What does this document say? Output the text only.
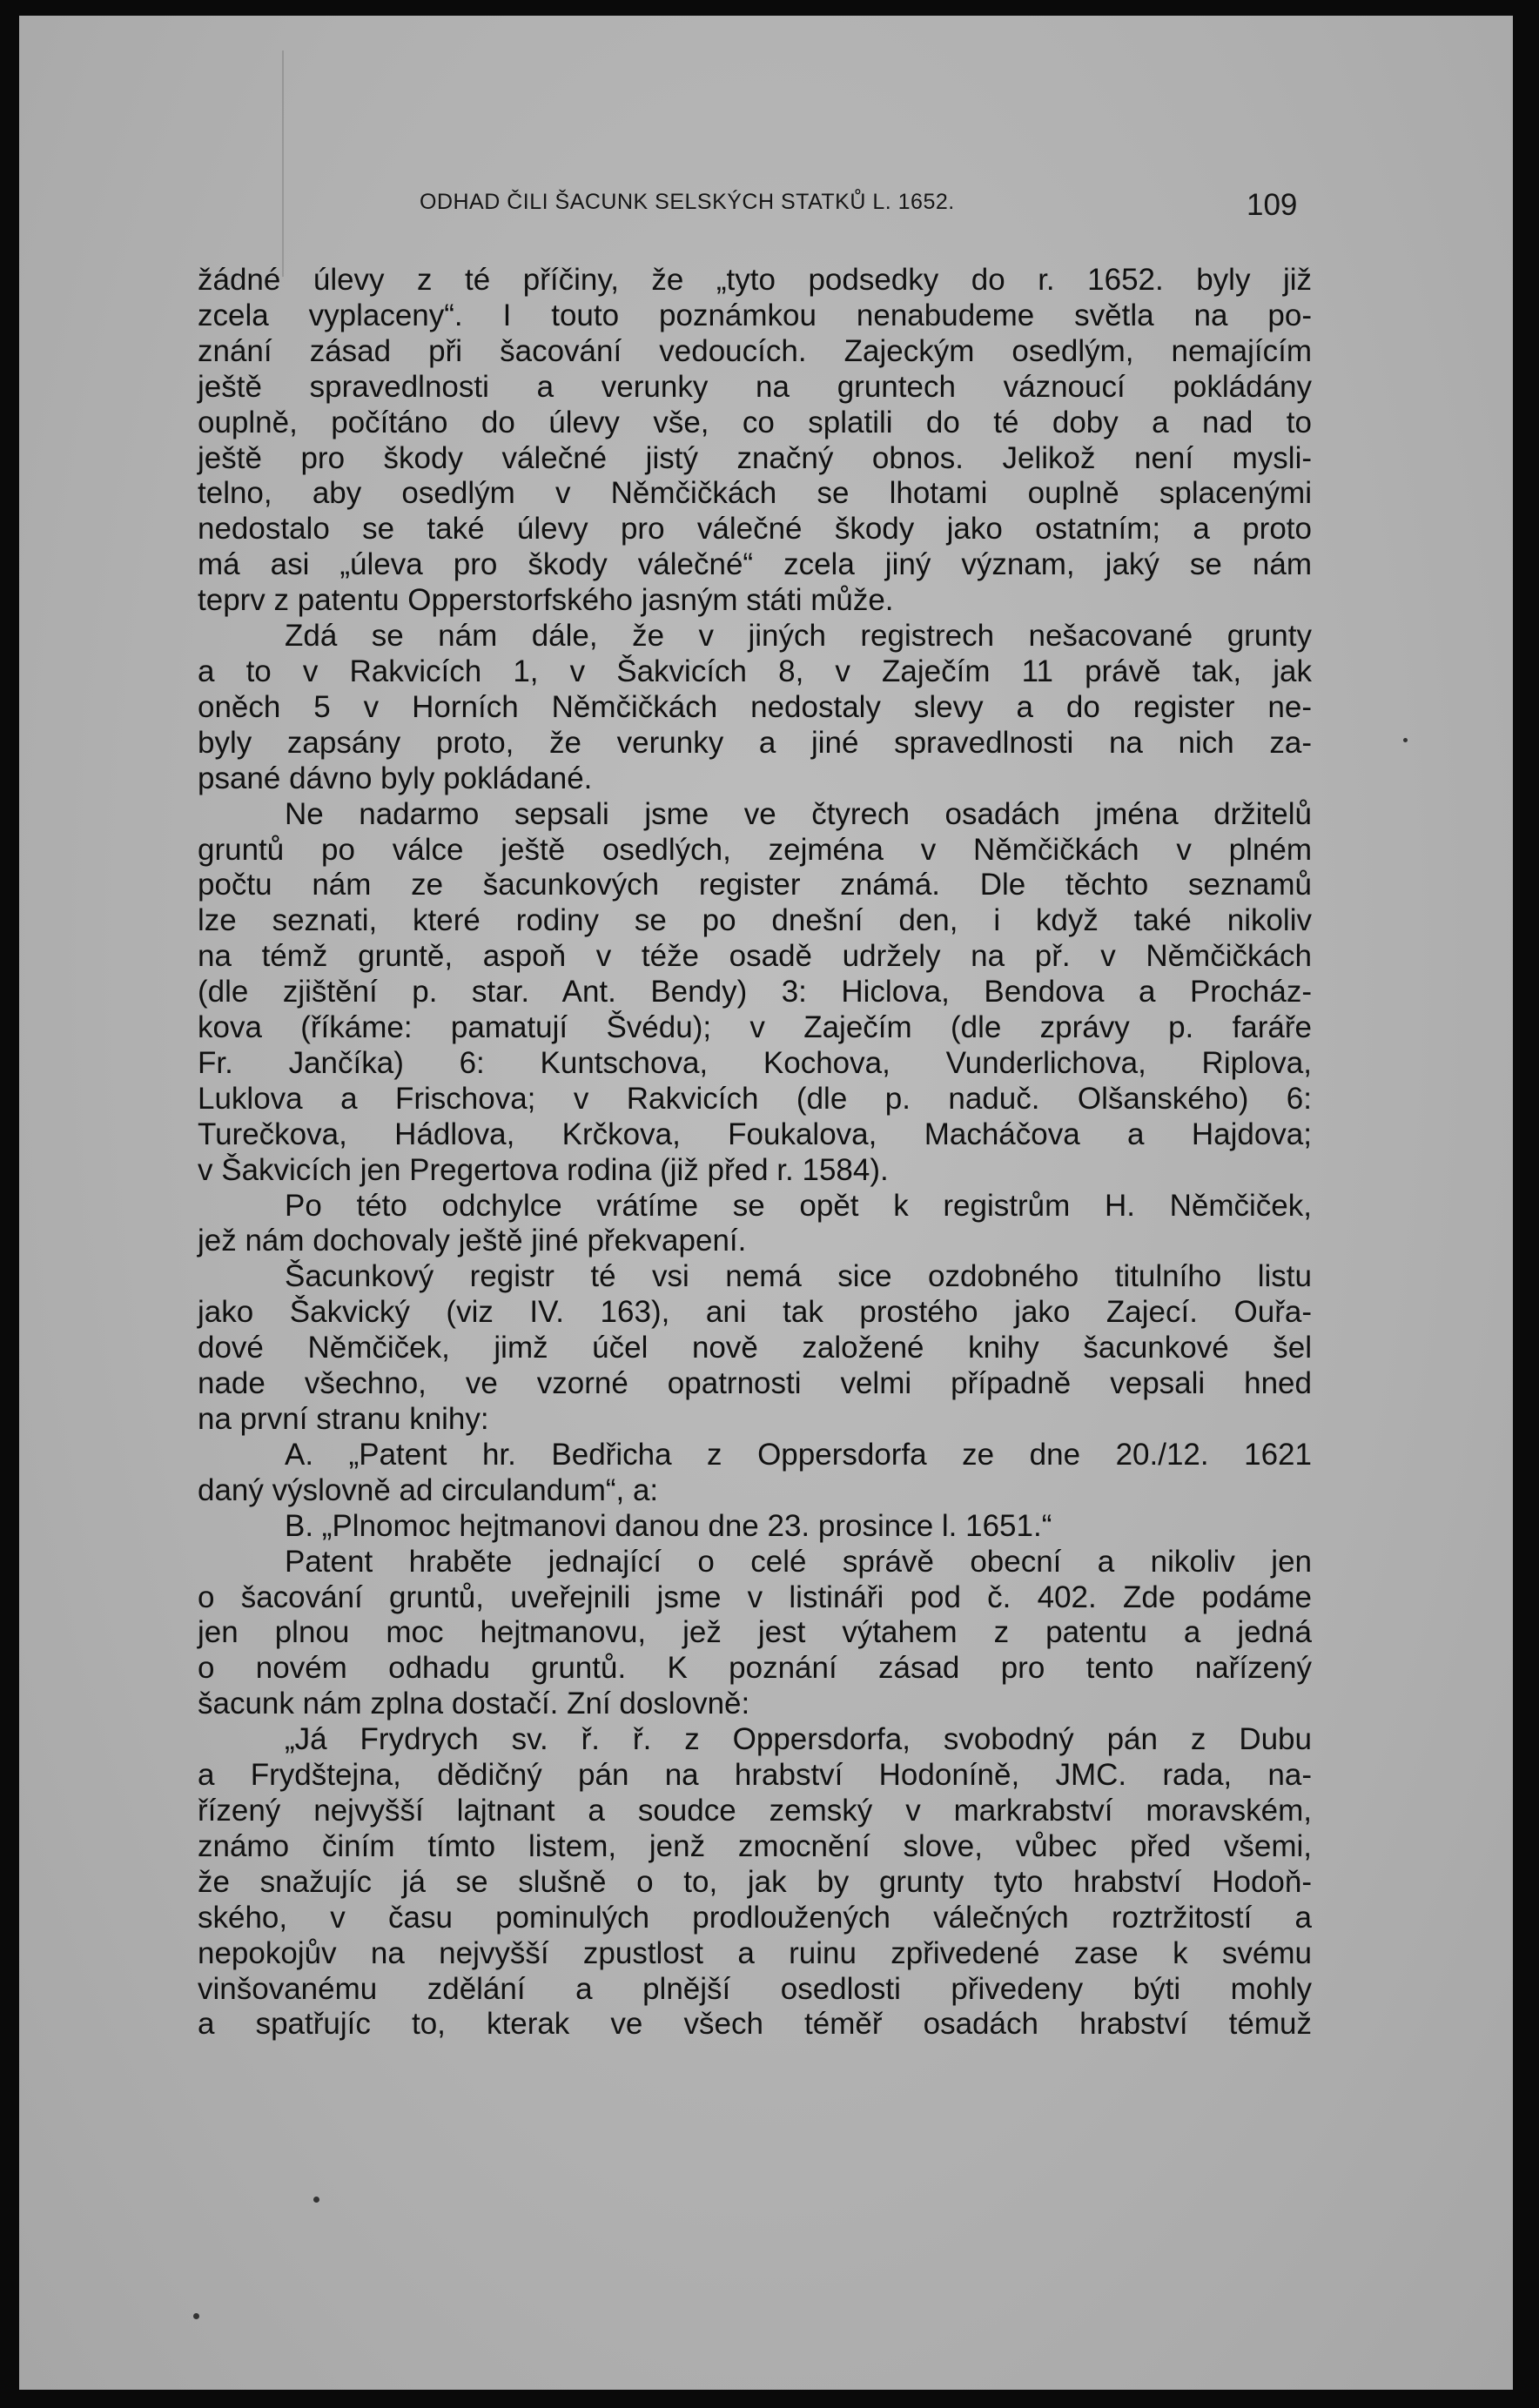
ODHAD ČILI ŠACUNK SELSKÝCH STATKŮ L. 1652.	109
žádné úlevy z té příčiny, že „tyto podsedky do r. 1652. byly již
zcela vyplaceny“. I touto poznámkou nenabudeme světla na po-
znání zásad při šacování vedoucích. Zajeckým osedlým, nemajícím
ještě spravedlnosti a verunky na gruntech váznoucí pokládány
ouplně, počítáno do úlevy vše, co splatili do té doby a nad to
ještě pro škody válečné jistý značný obnos. Jelikož není mysli-
telno, aby osedlým v Němčičkách se lhotami ouplně splacenými
nedostalo se také úlevy pro válečné škody jako ostatním; a proto
má asi „úleva pro škody válečné“ zcela jiný význam, jaký se nám
teprv z patentu Opperstorfského jasným státi může.
Zdá se nám dále, že v jiných registrech nešacované grunty
a to v Rakvicích 1, v Šakvicích 8, v Zaječím 11 právě tak, jak
oněch 5 v Horních Němčičkách nedostaly slevy a do register ne-
byly zapsány proto, že verunky a jiné spravedlnosti na nich za-
psané dávno byly pokládané.
Ne nadarmo sepsali jsme ve čtyrech osadách jména držitelů
gruntů po válce ještě osedlých, zejména v Němčičkách v plném
počtu nám ze šacunkových register známá. Dle těchto seznamů
lze seznati, které rodiny se po dnešní den, i když také nikoliv
na témž gruntě, aspoň v téže osadě udržely na př. v Němčičkách
(dle zjištění p. star. Ant. Bendy) 3: Hiclova, Bendova a Procház-
kova (říkáme: pamatují Švédu); v Zaječím (dle zprávy p. faráře
Fr. Jančíka) 6: Kuntschova, Kochova, Vunderlichova, Riplova,
Luklova a Frischova; v Rakvicích (dle p. naduč. Olšanského) 6:
Turečkova, Hádlova, Krčkova, Foukalova, Macháčova a Hajdova;
v Šakvicích jen Pregertova rodina (již před r. 1584).
Po této odchylce vrátíme se opět k registrům H. Němčiček,
jež nám dochovaly ještě jiné překvapení.
Šacunkový registr té vsi nemá sice ozdobného titulního listu
jako Šakvický (viz IV. 163), ani tak prostého jako Zajecí. Ouřa-
dové Němčiček, jimž účel nově založené knihy šacunkové šel
nade všechno, ve vzorné opatrnosti velmi případně vepsali hned
na první stranu knihy:
A. „Patent hr. Bedřicha z Oppersdorfa ze dne 20./12. 1621
daný výslovně ad circulandum“, a:
B. „Plnomoc hejtmanovi danou dne 23. prosince l. 1651.“
Patent hraběte jednající o celé správě obecní a nikoliv jen
o šacování gruntů, uveřejnili jsme v listináři pod č. 402. Zde podáme
jen plnou moc hejtmanovu, jež jest výtahem z patentu a jedná
o novém odhadu gruntů. K poznání zásad pro tento nařízený
šacunk nám zplna dostačí. Zní doslovně:
„Já Frydrych sv. ř. ř. z Oppersdorfa, svobodný pán z Dubu
a Frydštejna, dědičný pán na hrabství Hodoníně, JMC. rada, na-
řízený nejvyšší lajtnant a soudce zemský v markrabství moravském,
známo činím tímto listem, jenž zmocnění slove, vůbec před všemi,
že snažujíc já se slušně o to, jak by grunty tyto hrabství Hodoň-
ského, v času pominulých prodloužených válečných roztržitostí a
nepokojův na nejvyšší zpustlost a ruinu zpřivedené zase k svému
vinšovanému zdělání a plnější osedlosti přivedeny býti mohly
a spatřujíc to, kterak ve všech téměř osadách hrabství témuž
